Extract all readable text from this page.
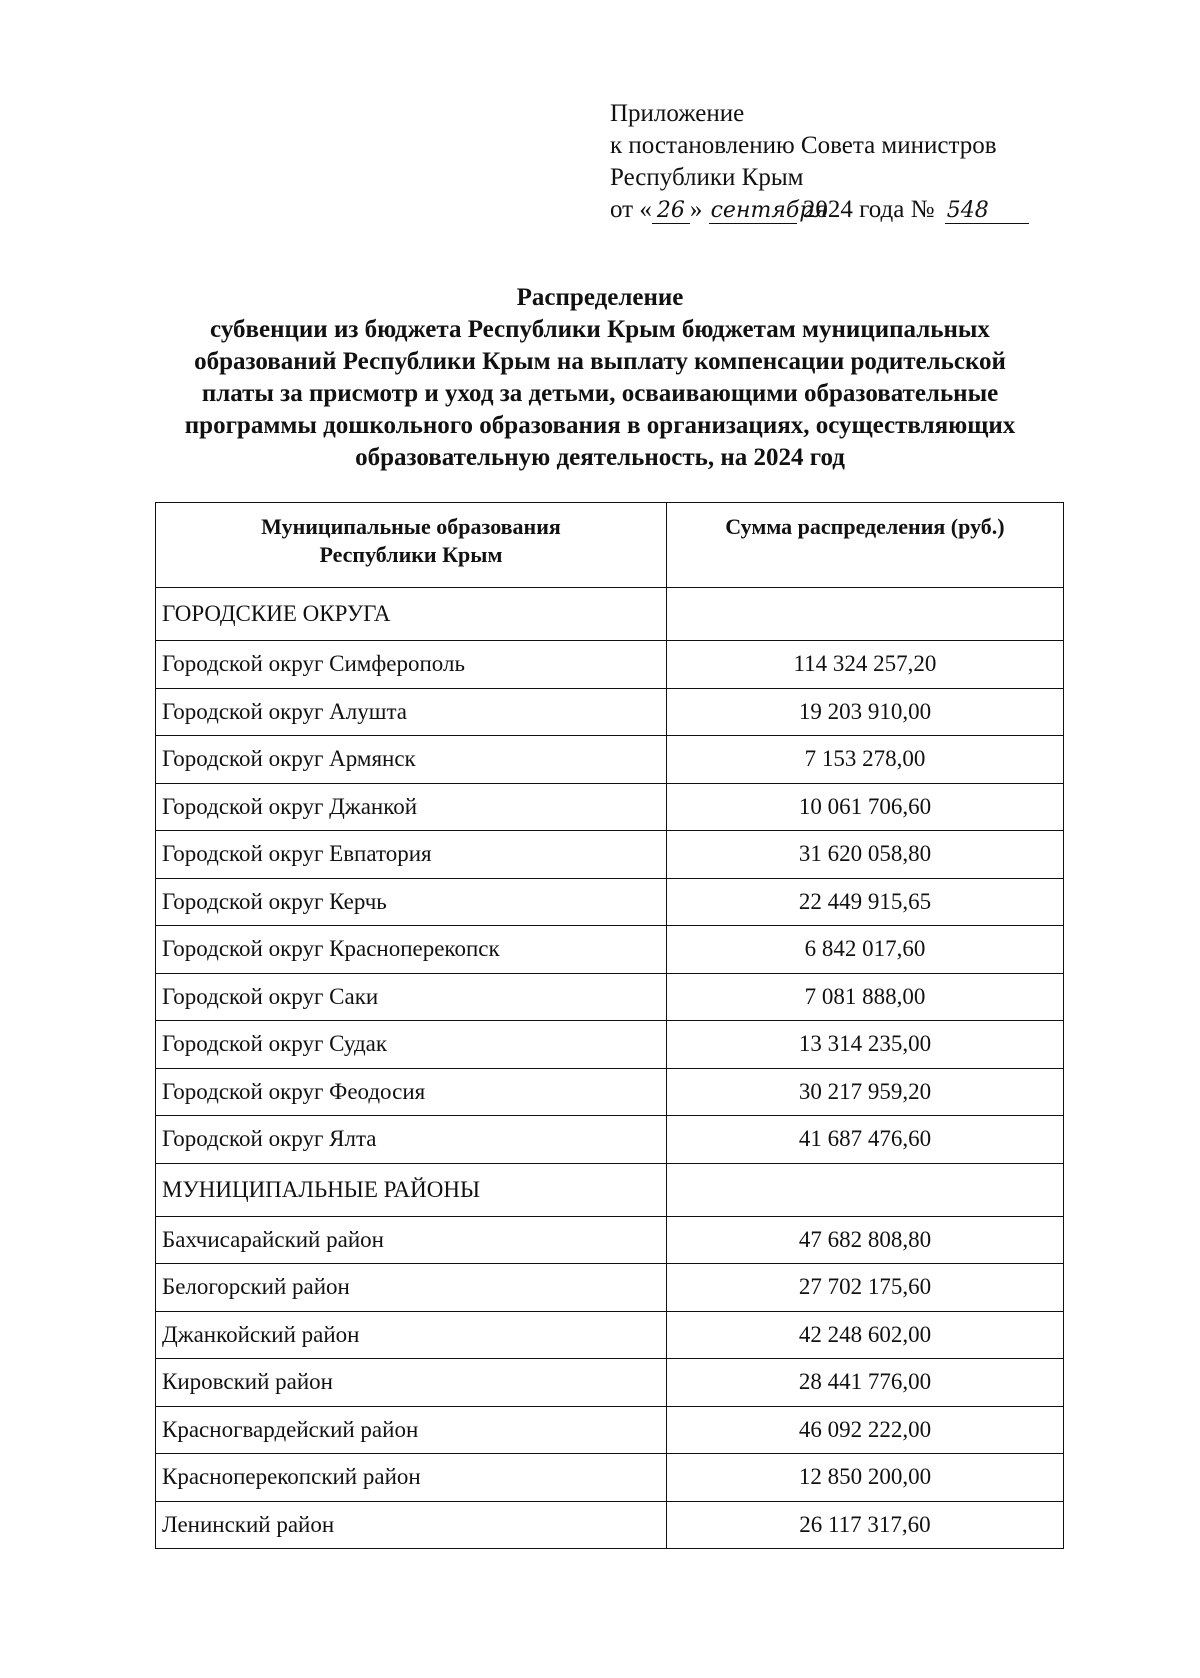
Приложение
к постановлению Совета министров
Республики Крым
от « 26 » сентября 2024 года № 548
Распределение
субвенции из бюджета Республики Крым бюджетам муниципальных
образований Республики Крым на выплату компенсации родительской
платы за присмотр и уход за детьми, осваивающими образовательные
программы дошкольного образования в организациях, осуществляющих
образовательную деятельность, на 2024 год
Муниципальные образования
Республики Крым	Сумма распределения (руб.)
ГОРОДСКИЕ ОКРУГА	
Городской округ Симферополь	114 324 257,20
Городской округ Алушта	19 203 910,00
Городской округ Армянск	7 153 278,00
Городской округ Джанкой	10 061 706,60
Городской округ Евпатория	31 620 058,80
Городской округ Керчь	22 449 915,65
Городской округ Красноперекопск	6 842 017,60
Городской округ Саки	7 081 888,00
Городской округ Судак	13 314 235,00
Городской округ Феодосия	30 217 959,20
Городской округ Ялта	41 687 476,60
МУНИЦИПАЛЬНЫЕ РАЙОНЫ	
Бахчисарайский район	47 682 808,80
Белогорский район	27 702 175,60
Джанкойский район	42 248 602,00
Кировский район	28 441 776,00
Красногвардейский район	46 092 222,00
Красноперекопский район	12 850 200,00
Ленинский район	26 117 317,60
